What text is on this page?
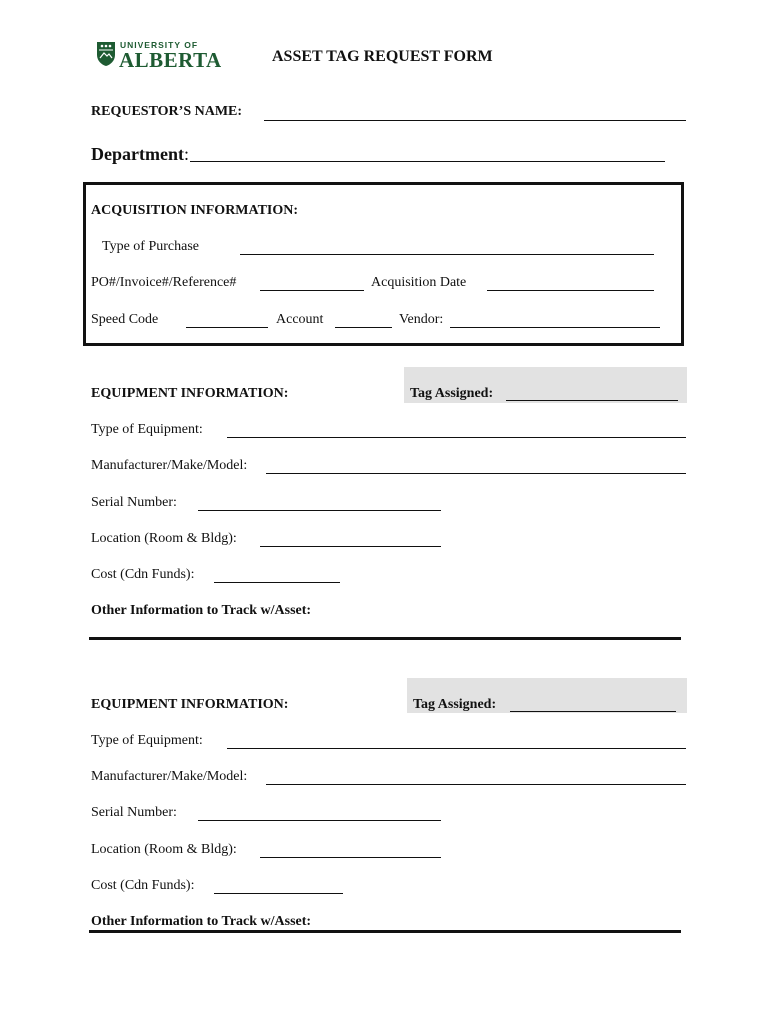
UNIVERSITY OF
ALBERTA	ASSET TAG REQUEST FORM
REQUESTOR’S NAME:
Department:
ACQUISITION INFORMATION:
Type of Purchase
PO#/Invoice#/Reference#	Acquisition Date
Speed Code	Account	Vendor:
EQUIPMENT INFORMATION:	Tag Assigned:
Type of Equipment:
Manufacturer/Make/Model:
Serial Number:
Location (Room & Bldg):
Cost (Cdn Funds):
Other Information to Track w/Asset:
EQUIPMENT INFORMATION:	Tag Assigned:
Type of Equipment:
Manufacturer/Make/Model:
Serial Number:
Location (Room & Bldg):
Cost (Cdn Funds):
Other Information to Track w/Asset:
